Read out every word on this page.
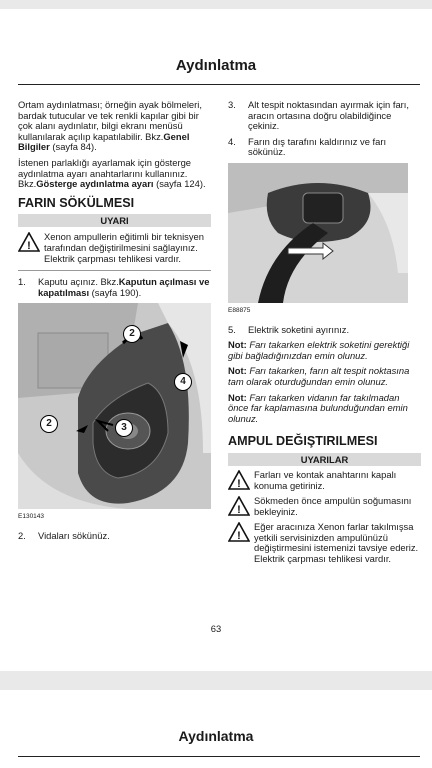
Aydınlatma

Ortam aydınlatması; örneğin ayak bölmeleri, bardak tutucular ve tek renkli kapılar gibi bir çok alanı aydınlatır, bilgi ekranı menüsü kullanılarak açılıp kapatılabilir. Bkz.Genel Bilgiler (sayfa 84).

İstenen parlaklığı ayarlamak için gösterge aydınlatma ayarı anahtarlarını kullanınız. Bkz.Gösterge aydınlatma ayarı (sayfa 124).

FARIN SÖKÜLMESI
UYARI
!
Xenon ampullerin eğitimli bir teknisyen tarafından değiştirilmesini sağlayınız. Elektrik çarpması tehlikesi vardır.
1. Kaputu açınız. Bkz.Kaputun açılması ve kapatılması (sayfa 190).
2
2	3
4
E130143
2. Vidaları sökünüz.
3. Alt tespit noktasından ayırmak için farı, aracın ortasına doğru olabildiğince çekiniz.
4. Farın dış tarafını kaldırınız ve farı sökünüz.
E88875
5. Elektrik soketini ayırınız.

Not: Farı takarken elektrik soketini gerektiği gibi bağladığınızdan emin olunuz.

Not: Farı takarken, farın alt tespit noktasına tam olarak oturduğundan emin olunuz.

Not: Farı takarken vidanın far takılmadan önce far kaplamasına bulunduğundan emin olunuz.

AMPUL DEĞIŞTIRILMESI
UYARILAR
!
Farları ve kontak anahtarını kapalı konuma getiriniz.
!
Sökmeden önce ampulün soğumasını bekleyiniz.
!
Eğer aracınıza Xenon farlar takılmışsa yetkili servisinizden ampulünüzü değiştirmesini istemenizi tavsiye ederiz. Elektrik çarpması tehlikesi vardır.
63
Aydınlatma
